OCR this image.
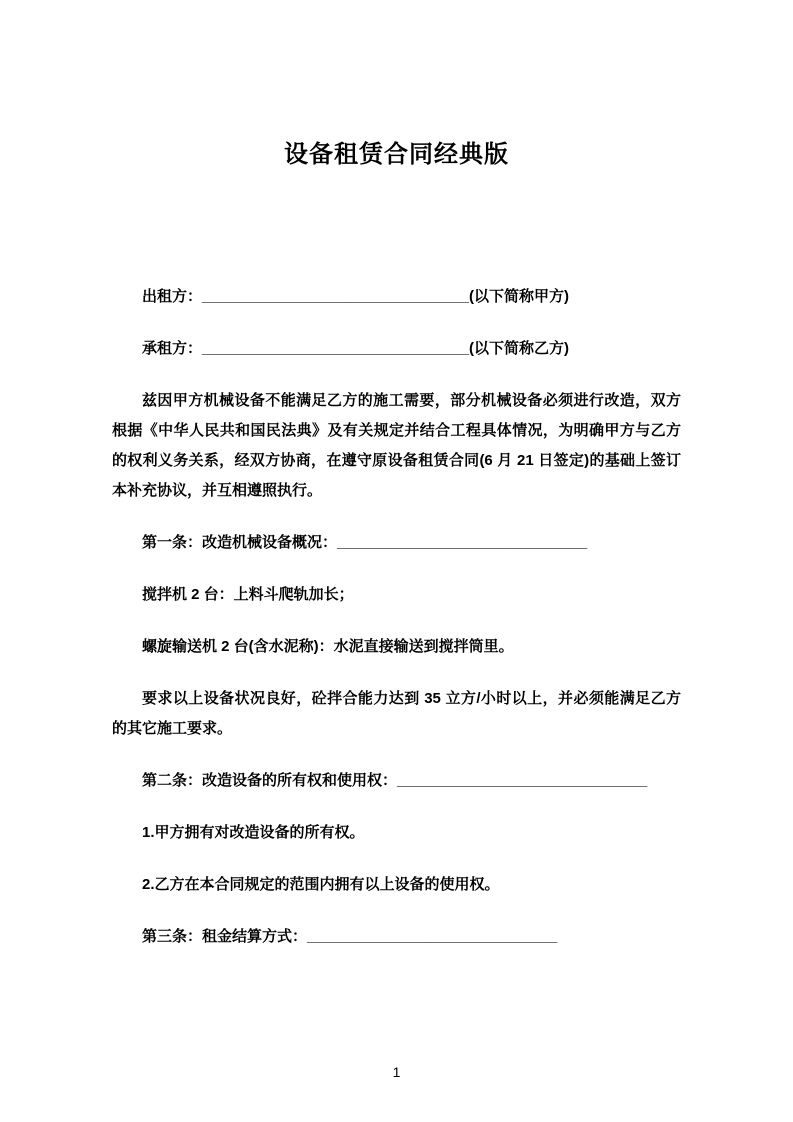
设备租赁合同经典版

出租方：________________________________(以下简称甲方)

承租方：________________________________(以下简称乙方)

兹因甲方机械设备不能满足乙方的施工需要，部分机械设备必须进行改造，双方根据《中华人民共和国民法典》及有关规定并结合工程具体情况，为明确甲方与乙方的权利义务关系，经双方协商，在遵守原设备租赁合同(6 月 21 日签定)的基础上签订本补充协议，并互相遵照执行。

第一条：改造机械设备概况：______________________________

搅拌机 2 台：上料斗爬轨加长；

螺旋输送机 2 台(含水泥称)：水泥直接输送到搅拌筒里。

要求以上设备状况良好，砼拌合能力达到 35 立方/小时以上，并必须能满足乙方的其它施工要求。

第二条：改造设备的所有权和使用权：______________________________

1.甲方拥有对改造设备的所有权。

2.乙方在本合同规定的范围内拥有以上设备的使用权。

第三条：租金结算方式：______________________________

1
